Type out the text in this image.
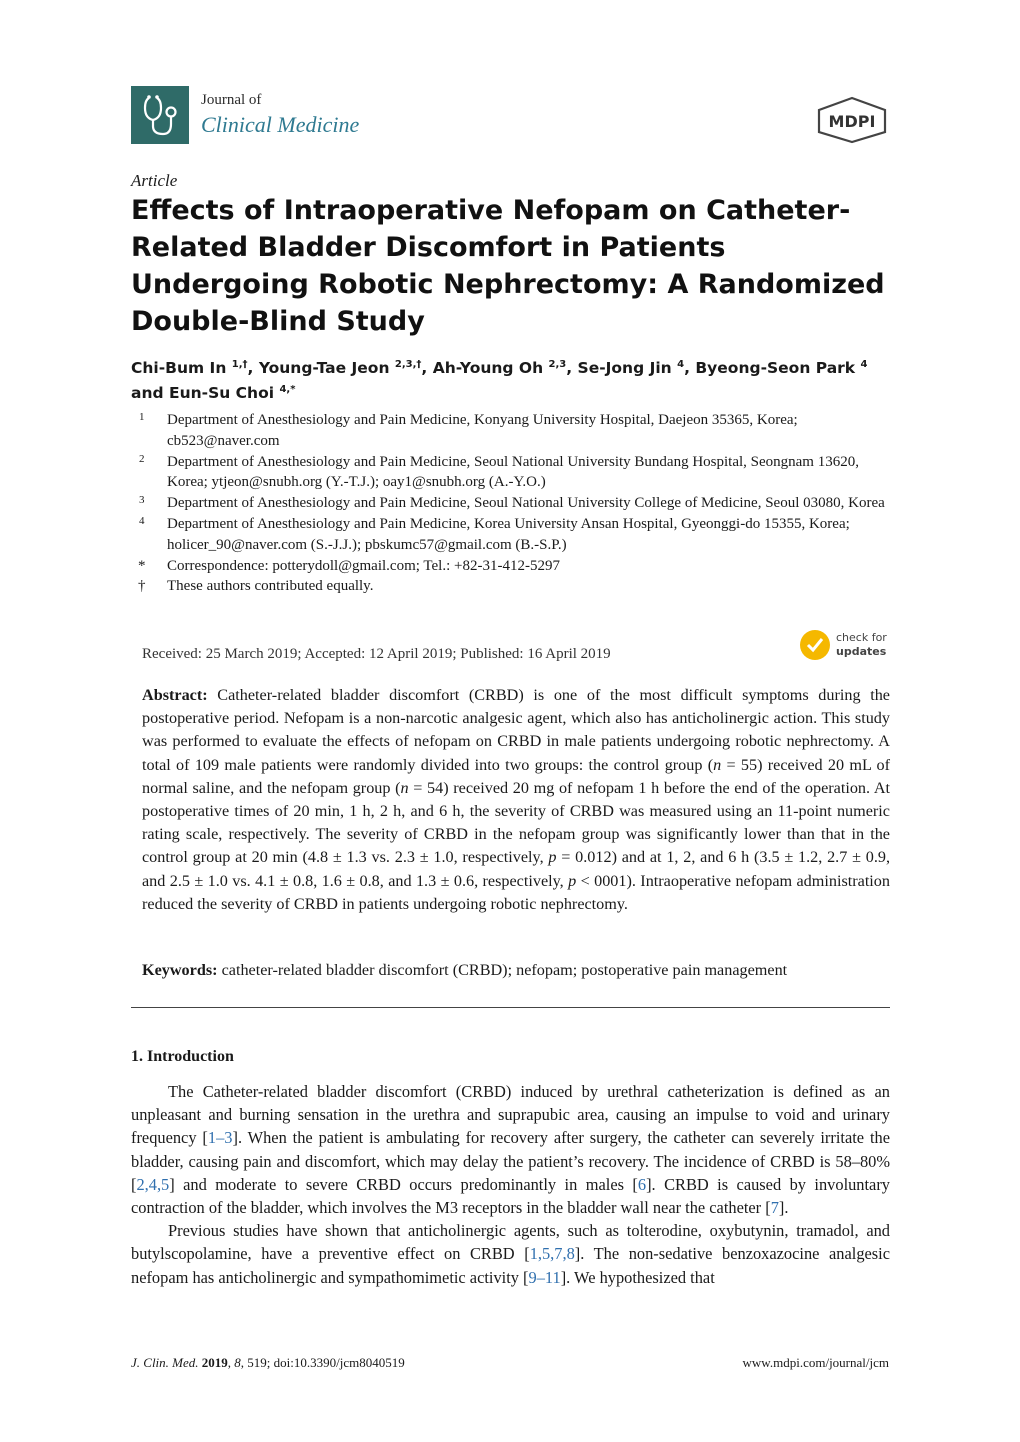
Journal of
Clinical Medicine	MDPI
Article
Effects of Intraoperative Nefopam on Catheter-Related Bladder Discomfort in Patients Undergoing Robotic Nephrectomy: A Randomized Double-Blind Study
Chi-Bum In $^{1,\dagger}$, Young-Tae Jeon $^{2,3,\dagger}$, Ah-Young Oh $^{2,3}$, Se-Jong Jin $^4$, Byeong-Seon Park $^4$ and Eun-Su Choi $^{4,*}$
1 Department of Anesthesiology and Pain Medicine, Konyang University Hospital, Daejeon 35365, Korea; cb523@naver.com
2 Department of Anesthesiology and Pain Medicine, Seoul National University Bundang Hospital, Seongnam 13620, Korea; ytjeon@snubh.org (Y.-T.J.); oay1@snubh.org (A.-Y.O.)
3 Department of Anesthesiology and Pain Medicine, Seoul National University College of Medicine, Seoul 03080, Korea
4 Department of Anesthesiology and Pain Medicine, Korea University Ansan Hospital, Gyeonggi-do 15355, Korea; holicer_90@naver.com (S.-J.J.); pbskumc57@gmail.com (B.-S.P.)
* Correspondence: potterydoll@gmail.com; Tel.: +82-31-412-5297
† These authors contributed equally.
check for
updates
Received: 25 March 2019; Accepted: 12 April 2019; Published: 16 April 2019
Abstract: Catheter-related bladder discomfort (CRBD) is one of the most difficult symptoms during the postoperative period. Nefopam is a non-narcotic analgesic agent, which also has anticholinergic action. This study was performed to evaluate the effects of nefopam on CRBD in male patients undergoing robotic nephrectomy. A total of 109 male patients were randomly divided into two groups: the control group (n = 55) received 20 mL of normal saline, and the nefopam group (n = 54) received 20 mg of nefopam 1 h before the end of the operation. At postoperative times of 20 min, 1 h, 2 h, and 6 h, the severity of CRBD was measured using an 11-point numeric rating scale, respectively. The severity of CRBD in the nefopam group was significantly lower than that in the control group at 20 min (4.8 ± 1.3 vs. 2.3 ± 1.0, respectively, p = 0.012) and at 1, 2, and 6 h (3.5 ± 1.2, 2.7 ± 0.9, and 2.5 ± 1.0 vs. 4.1 ± 0.8, 1.6 ± 0.8, and 1.3 ± 0.6, respectively, p < 0001). Intraoperative nefopam administration reduced the severity of CRBD in patients undergoing robotic nephrectomy.
Keywords: catheter-related bladder discomfort (CRBD); nefopam; postoperative pain management
1. Introduction

The Catheter-related bladder discomfort (CRBD) induced by urethral catheterization is defined as an unpleasant and burning sensation in the urethra and suprapubic area, causing an impulse to void and urinary frequency [1–3]. When the patient is ambulating for recovery after surgery, the catheter can severely irritate the bladder, causing pain and discomfort, which may delay the patient’s recovery. The incidence of CRBD is 58–80% [2,4,5] and moderate to severe CRBD occurs predominantly in males [6]. CRBD is caused by involuntary contraction of the bladder, which involves the M3 receptors in the bladder wall near the catheter [7].

Previous studies have shown that anticholinergic agents, such as tolterodine, oxybutynin, tramadol, and butylscopolamine, have a preventive effect on CRBD [1,5,7,8]. The non-sedative benzoxazocine analgesic nefopam has anticholinergic and sympathomimetic activity [9–11]. We hypothesized that

J. Clin. Med. 2019, 8, 519; doi:10.3390/jcm8040519	www.mdpi.com/journal/jcm
